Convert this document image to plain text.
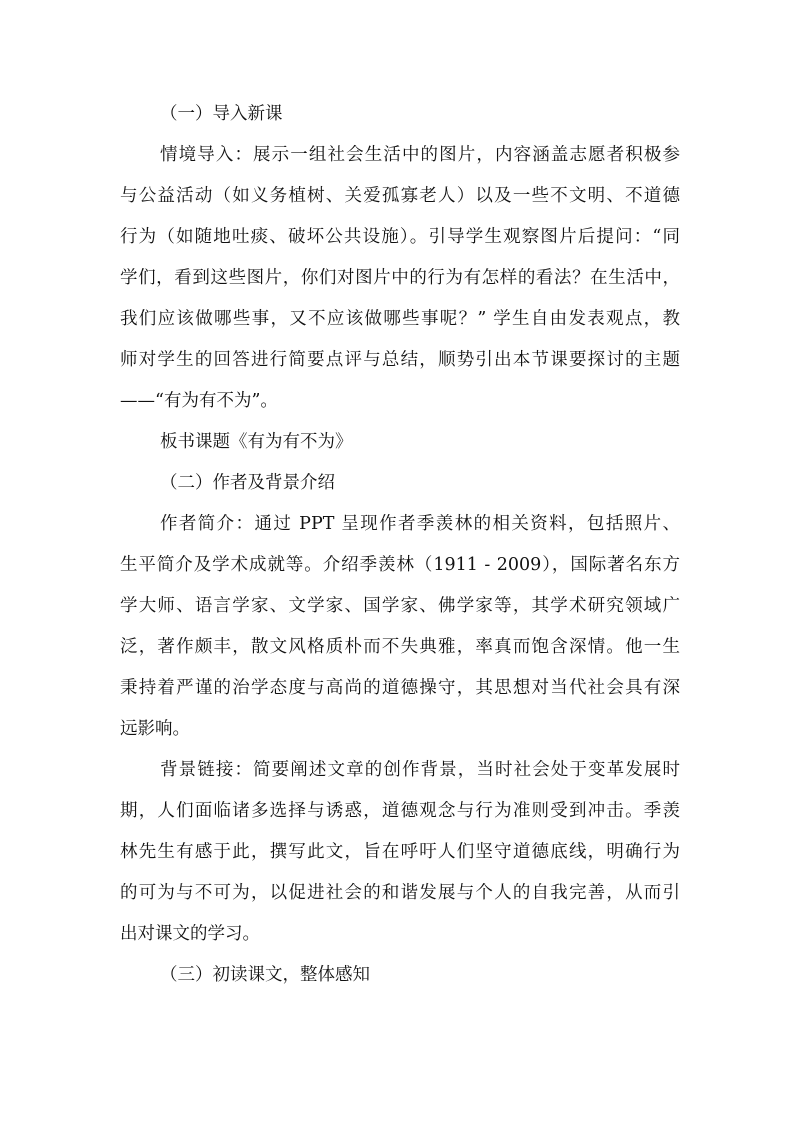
（一）导入新课
情境导入：展示一组社会生活中的图片，内容涵盖志愿者积极参
与公益活动（如义务植树、关爱孤寡老人）以及一些不文明、不道德
行为（如随地吐痰、破坏公共设施）。引导学生观察图片后提问：“同
学们，看到这些图片，你们对图片中的行为有怎样的看法？在生活中，
我们应该做哪些事，又不应该做哪些事呢？” 学生自由发表观点，教
师对学生的回答进行简要点评与总结，顺势引出本节课要探讨的主题
——“有为有不为”。
板书课题《有为有不为》
（二）作者及背景介绍
作者简介：通过 PPT 呈现作者季羡林的相关资料，包括照片、
生平简介及学术成就等。介绍季羡林（1911 - 2009），国际著名东方
学大师、语言学家、文学家、国学家、佛学家等，其学术研究领域广
泛，著作颇丰，散文风格质朴而不失典雅，率真而饱含深情。他一生
秉持着严谨的治学态度与高尚的道德操守，其思想对当代社会具有深
远影响。
背景链接：简要阐述文章的创作背景，当时社会处于变革发展时
期，人们面临诸多选择与诱惑，道德观念与行为准则受到冲击。季羡
林先生有感于此，撰写此文，旨在呼吁人们坚守道德底线，明确行为
的可为与不可为，以促进社会的和谐发展与个人的自我完善，从而引
出对课文的学习。
（三）初读课文，整体感知
